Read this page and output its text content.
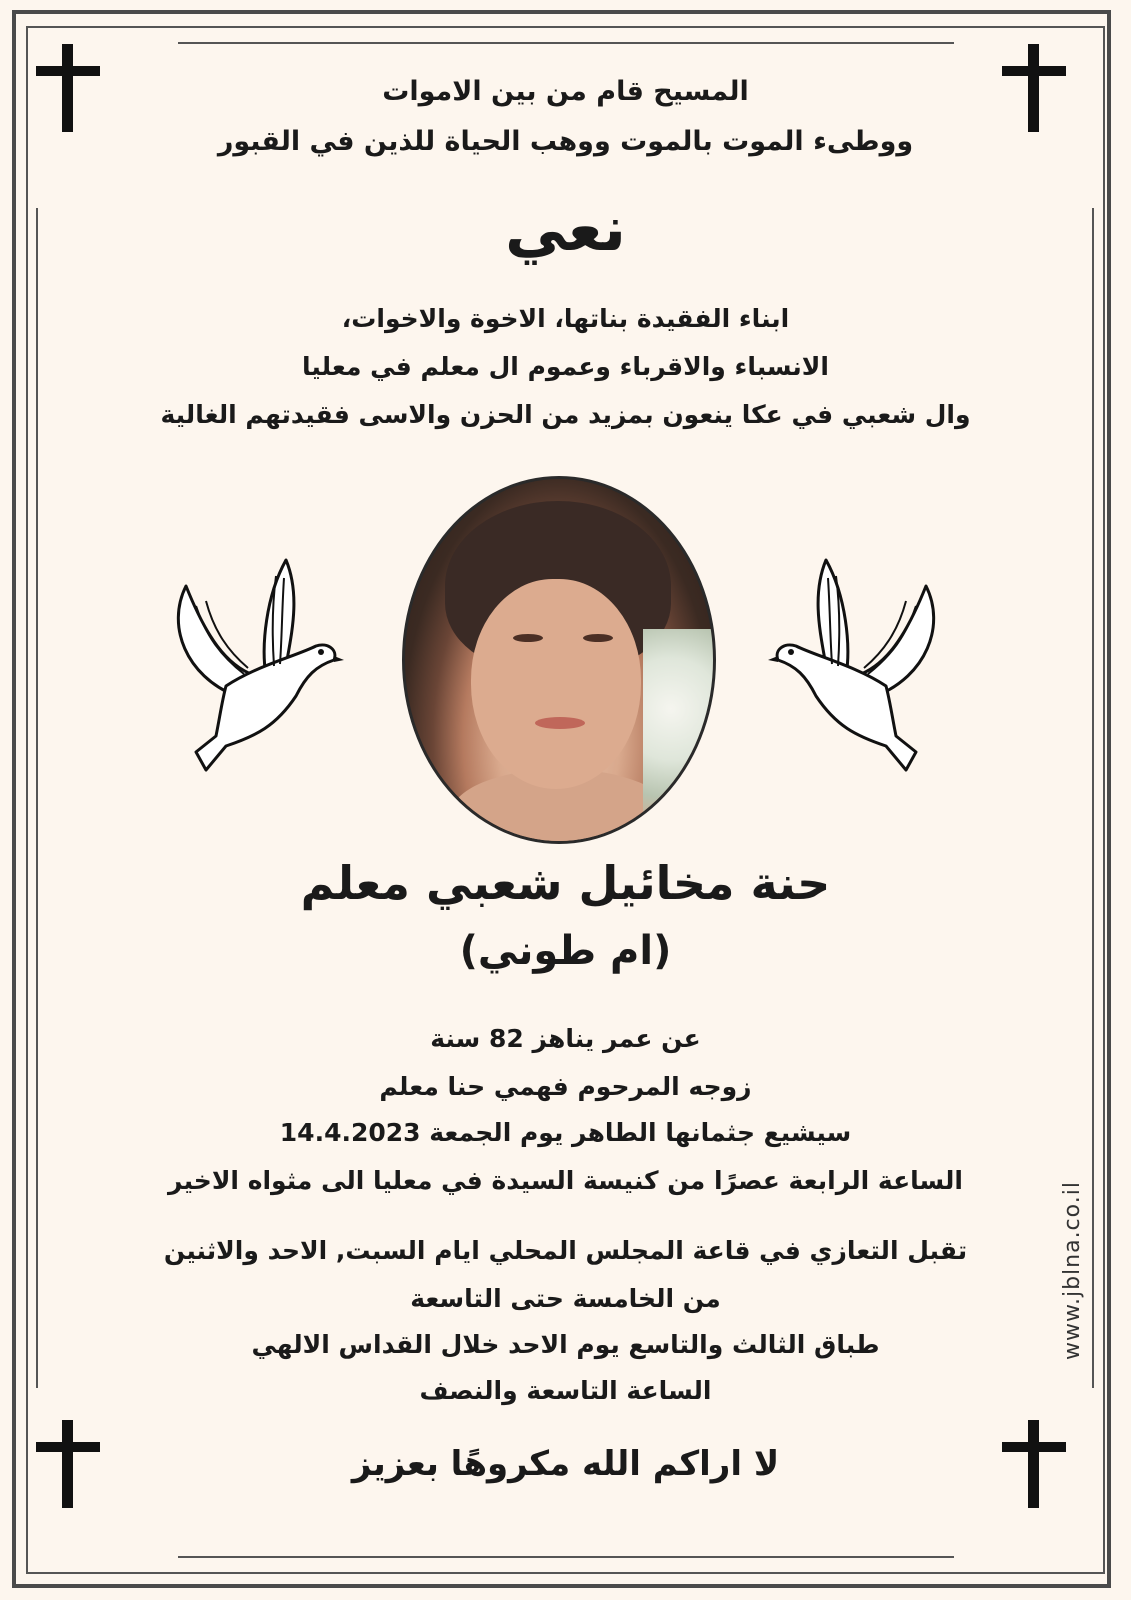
المسيح قام من بين الاموات
ووطىء الموت بالموت ووهب الحياة للذين في القبور
نعي
ابناء الفقيدة بناتها، الاخوة والاخوات،
الانسباء والاقرباء وعموم ال معلم في معليا
وال شعبي في عكا ينعون بمزيد من الحزن والاسى فقيدتهم الغالية
حنة مخائيل شعبي معلم
(ام طوني)
عن عمر يناهز 82 سنة
زوجه المرحوم فهمي حنا معلم
سيشيع جثمانها الطاهر يوم الجمعة 14.4.2023
الساعة الرابعة عصرًا من كنيسة السيدة في معليا الى مثواه الاخير
تقبل التعازي في قاعة المجلس المحلي ايام السبت, الاحد والاثنين
من الخامسة حتى التاسعة
طباق الثالث والتاسع يوم الاحد خلال القداس الالهي
الساعة التاسعة والنصف
لا اراكم الله مكروهًا بعزيز
www.jblna.co.il
